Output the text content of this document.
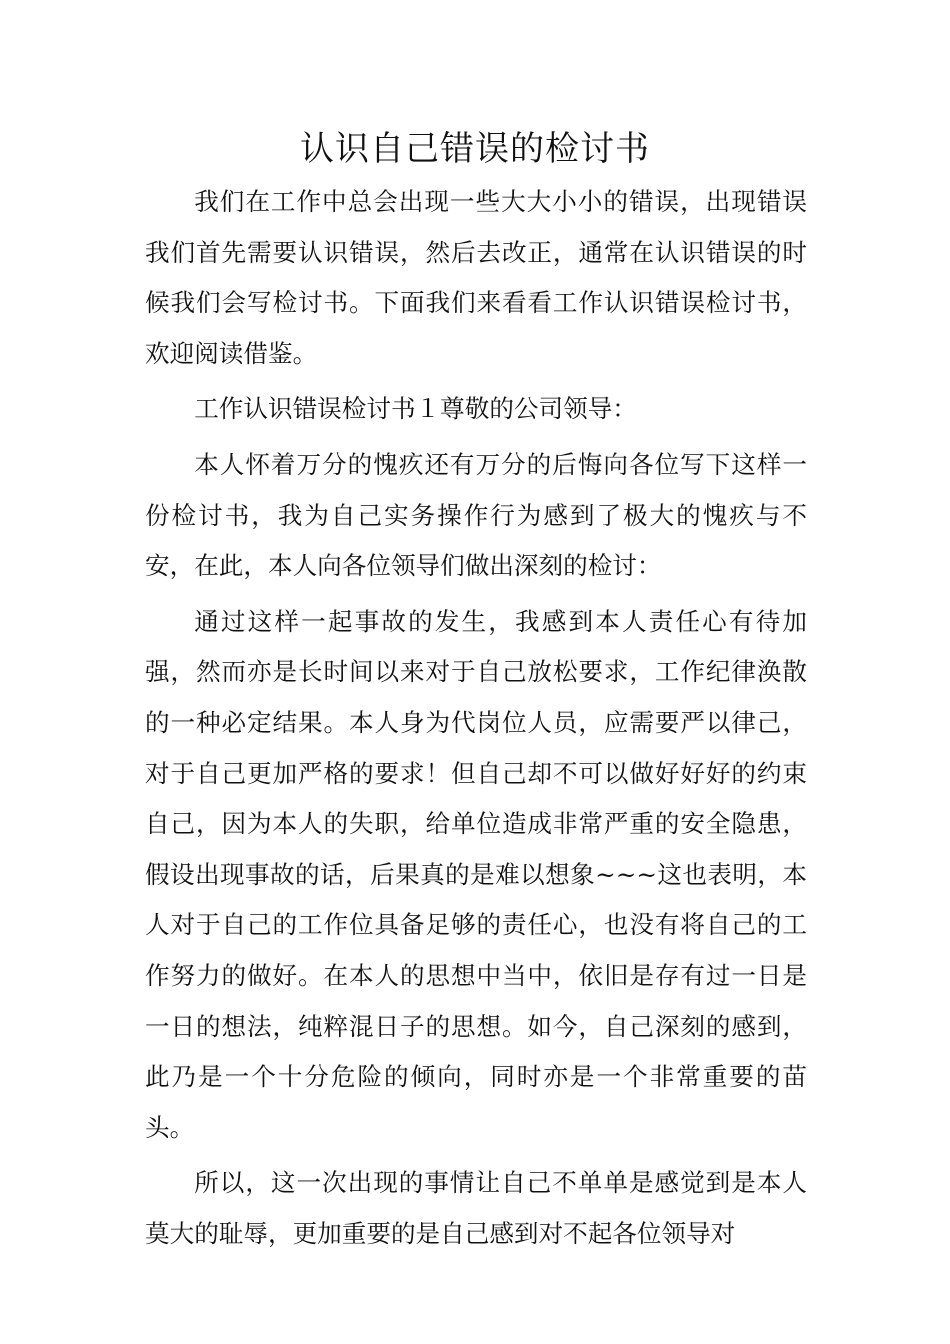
认识自己错误的检讨书

我们在工作中总会出现一些大大小小的错误，出现错误我们首先需要认识错误，然后去改正，通常在认识错误的时候我们会写检讨书。下面我们来看看工作认识错误检讨书，欢迎阅读借鉴。

工作认识错误检讨书１尊敬的公司领导：

本人怀着万分的愧疚还有万分的后悔向各位写下这样一份检讨书，我为自己实务操作行为感到了极大的愧疚与不安，在此，本人向各位领导们做出深刻的检讨：

通过这样一起事故的发生，我感到本人责任心有待加强，然而亦是长时间以来对于自己放松要求，工作纪律涣散的一种必定结果。本人身为代岗位人员，应需要严以律己，对于自己更加严格的要求！但自己却不可以做好好好的约束自己，因为本人的失职，给单位造成非常严重的安全隐患，假设出现事故的话，后果真的是难以想象~~~这也表明，本人对于自己的工作位具备足够的责任心，也没有将自己的工作努力的做好。在本人的思想中当中，依旧是存有过一日是一日的想法，纯粹混日子的思想。如今，自己深刻的感到，此乃是一个十分危险的倾向，同时亦是一个非常重要的苗头。

所以，这一次出现的事情让自己不单单是感觉到是本人莫大的耻辱，更加重要的是自己感到对不起各位领导对
